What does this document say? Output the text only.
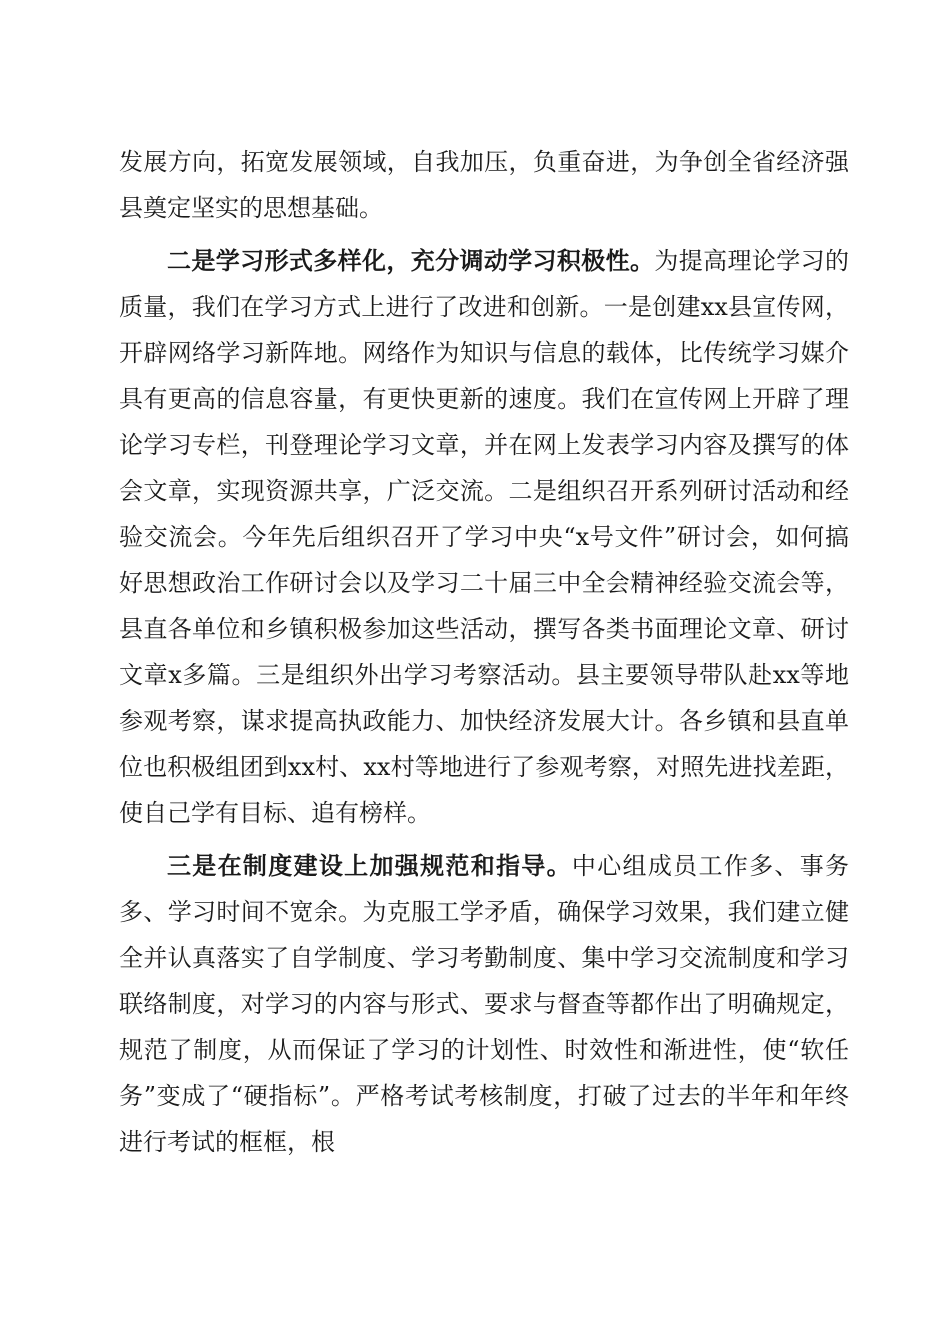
发展方向，拓宽发展领域，自我加压，负重奋进，为争创全省经济强县奠定坚实的思想基础。

二是学习形式多样化，充分调动学习积极性。为提高理论学习的质量，我们在学习方式上进行了改进和创新。一是创建xx县宣传网，开辟网络学习新阵地。网络作为知识与信息的载体，比传统学习媒介具有更高的信息容量，有更快更新的速度。我们在宣传网上开辟了理论学习专栏，刊登理论学习文章，并在网上发表学习内容及撰写的体会文章，实现资源共享，广泛交流。二是组织召开系列研讨活动和经验交流会。今年先后组织召开了学习中央“x号文件”研讨会，如何搞好思想政治工作研讨会以及学习二十届三中全会精神经验交流会等，县直各单位和乡镇积极参加这些活动，撰写各类书面理论文章、研讨文章x多篇。三是组织外出学习考察活动。县主要领导带队赴xx等地参观考察，谋求提高执政能力、加快经济发展大计。各乡镇和县直单位也积极组团到xx村、xx村等地进行了参观考察，对照先进找差距，使自己学有目标、追有榜样。

三是在制度建设上加强规范和指导。中心组成员工作多、事务多、学习时间不宽余。为克服工学矛盾，确保学习效果，我们建立健全并认真落实了自学制度、学习考勤制度、集中学习交流制度和学习联络制度，对学习的内容与形式、要求与督查等都作出了明确规定，规范了制度，从而保证了学习的计划性、时效性和渐进性，使“软任务”变成了“硬指标”。严格考试考核制度，打破了过去的半年和年终进行考试的框框，根
